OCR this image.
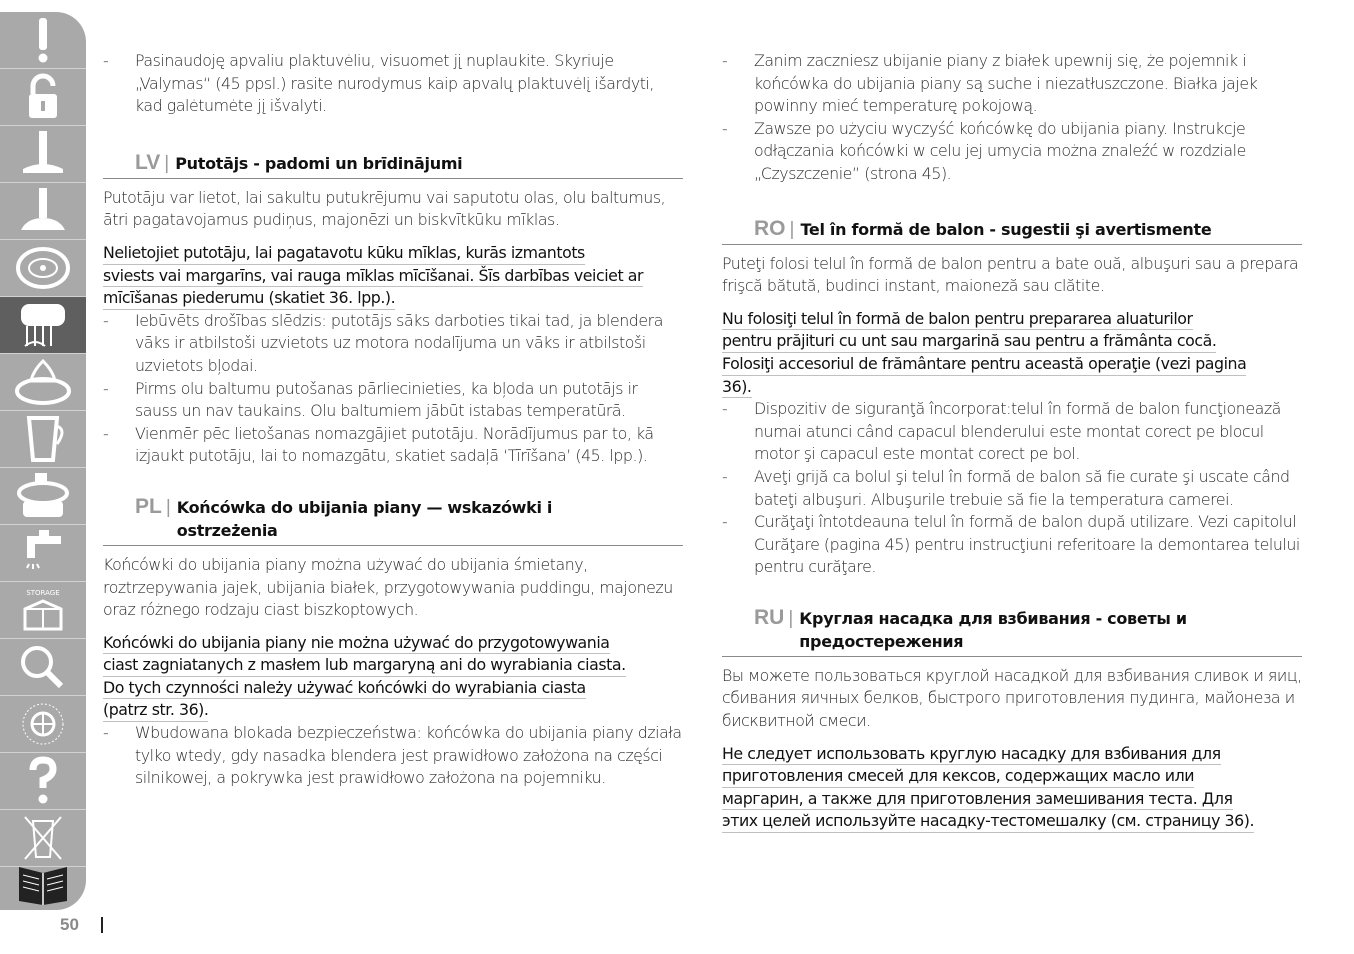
STORAGE
50
- Pasinaudoję apvaliu plaktuvėliu, visuomet jį nuplaukite. Skyriuje „Valymas“ (45 ppsl.) rasite nurodymus kaip apvalų plaktuvėlį išardyti, kad galėtumėte jį išvalyti.
LV | Putotājs - padomi un brīdinājumi

Putotāju var lietot, lai sakultu putukrējumu vai saputotu olas, olu baltumus, ātri pagatavojamus pudiņus, majonēzi un biskvītkūku mīklas.

Nelietojiet putotāju, lai pagatavotu kūku mīklas, kurās izmantots
sviests vai margarīns, vai rauga mīklas mīcīšanai. Šīs darbības veiciet ar
mīcīšanas piederumu (skatiet 36. lpp.).
- Iebūvēts drošības slēdzis: putotājs sāks darboties tikai tad, ja blendera vāks ir atbilstoši uzvietots uz motora nodalījuma un vāks ir atbilstoši uzvietots bļodai.
- Pirms olu baltumu putošanas pārliecinieties, ka bļoda un putotājs ir sauss un nav taukains. Olu baltumiem jābūt istabas temperatūrā.
- Vienmēr pēc lietošanas nomazgājiet putotāju. Norādījumus par to, kā izjaukt putotāju, lai to nomazgātu, skatiet sadaļā ‘Tīrīšana’ (45. lpp.).
PL | Końcówka do ubijania piany — wskazówki i ostrzeżenia

Końcówki do ubijania piany można używać do ubijania śmietany, roztrzepywania jajek, ubijania białek, przygotowywania puddingu, majonezu oraz różnego rodzaju ciast biszkoptowych.

Końcówki do ubijania piany nie można używać do przygotowywania
ciast zagniatanych z masłem lub margaryną ani do wyrabiania ciasta.
Do tych czynności należy używać końcówki do wyrabiania ciasta
(patrz str. 36).
- Wbudowana blokada bezpieczeństwa: końcówka do ubijania piany działa tylko wtedy, gdy nasadka blendera jest prawidłowo założona na części silnikowej, a pokrywka jest prawidłowo założona na pojemniku.
- Zanim zaczniesz ubijanie piany z białek upewnij się, że pojemnik i końcówka do ubijania piany są suche i niezatłuszczone. Białka jajek powinny mieć temperaturę pokojową.
- Zawsze po użyciu wyczyść końcówkę do ubijania piany. Instrukcje odłączania końcówki w celu jej umycia można znaleźć w rozdziale „Czyszczenie” (strona 45).
RO | Tel în formă de balon - sugestii şi avertismente

Puteţi folosi telul în formă de balon pentru a bate ouă, albuşuri sau a prepara frişcă bătută, budinci instant, maioneză sau clătite.

Nu folosiţi telul în formă de balon pentru prepararea aluaturilor
pentru prăjituri cu unt sau margarină sau pentru a frământa cocă.
Folosiţi accesoriul de frământare pentru această operaţie (vezi pagina
36).
- Dispozitiv de siguranţă încorporat:telul în formă de balon funcţionează numai atunci când capacul blenderului este montat corect pe blocul motor şi capacul este montat corect pe bol.
- Aveţi grijă ca bolul şi telul în formă de balon să fie curate şi uscate când bateţi albuşuri. Albuşurile trebuie să fie la temperatura camerei.
- Curăţaţi întotdeauna telul în formă de balon după utilizare. Vezi capitolul Curăţare (pagina 45) pentru instrucţiuni referitoare la demontarea telului pentru curăţare.
RU | Круглая насадка для взбивания - советы и предостережения

Вы можете пользоваться круглой насадкой для взбивания сливок и яиц, сбивания яичных белков, быстрого приготовления пудинга, майонеза и бисквитной смеси.

Не следует использовать круглую насадку для взбивания для
приготовления смесей для кексов, содержащих масло или
маргарин, а также для приготовления замешивания теста. Для
этих целей используйте насадку-тестомешалку (см. страницу 36).
